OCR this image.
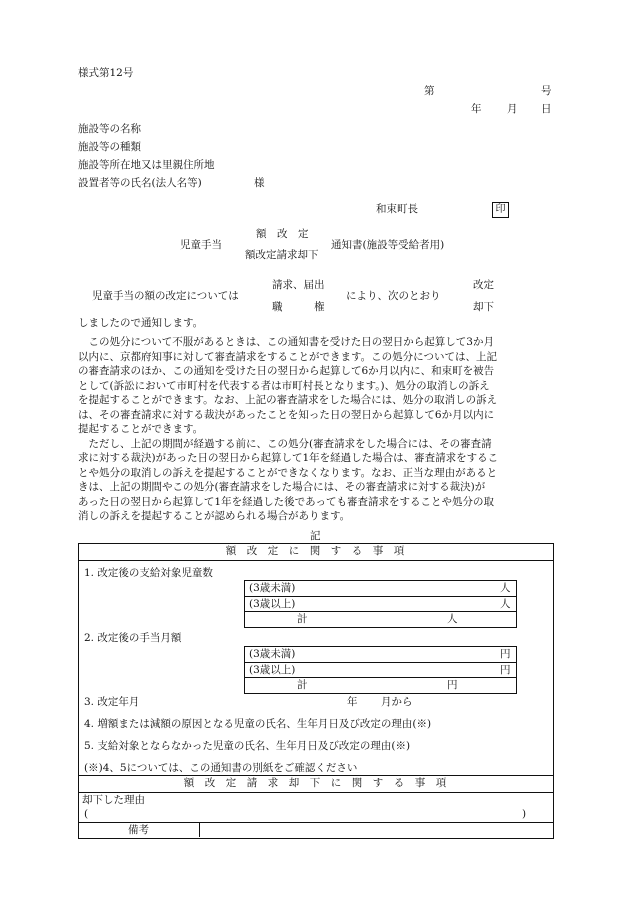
様式第12号
第	号
年 月 日
施設等の名称
施設等の種類
施設等所在地又は里親住所地
設置者等の氏名(法人名等)	様
和束町長	印
児童手当
額　改　定
額改定請求却下
通知書(施設等受給者用)
児童手当の額の改定については
請求、届出
職　　　権
により、次のとおり
改定
却下
しましたので通知します。
　この処分について不服があるときは、この通知書を受けた日の翌日から起算して3か月
以内に、京都府知事に対して審査請求をすることができます。この処分については、上記
の審査請求のほか、この通知を受けた日の翌日から起算して6か月以内に、和束町を被告
として(訴訟において市町村を代表する者は市町村長となります。)、処分の取消しの訴え
を提起することができます。なお、上記の審査請求をした場合には、処分の取消しの訴え
は、その審査請求に対する裁決があったことを知った日の翌日から起算して6か月以内に
提起することができます。
　ただし、上記の期間が経過する前に、この処分(審査請求をした場合には、その審査請
求に対する裁決)があった日の翌日から起算して1年を経過した場合は、審査請求をするこ
とや処分の取消しの訴えを提起することができなくなります。なお、正当な理由があると
きは、上記の期間やこの処分(審査請求をした場合には、その審査請求に対する裁決)が
あった日の翌日から起算して1年を経過した後であっても審査請求をすることや処分の取
消しの訴えを提起することが認められる場合があります。
記
額　改　定　に　関　す　る　事　項
1. 改定後の支給対象児童数
(3歳未満)	人
(3歳以上)	人
計	人
2. 改定後の手当月額
(3歳未満)	円
(3歳以上)	円
計	円
3. 改定年月	年 月から
4. 増額または減額の原因となる児童の氏名、生年月日及び改定の理由(※)
5. 支給対象とならなかった児童の氏名、生年月日及び改定の理由(※)
(※)4、5については、この通知書の別紙をご確認ください
額　改　定　請　求　却　下　に　関　す　る　事　項
却下した理由
(	)
備考
